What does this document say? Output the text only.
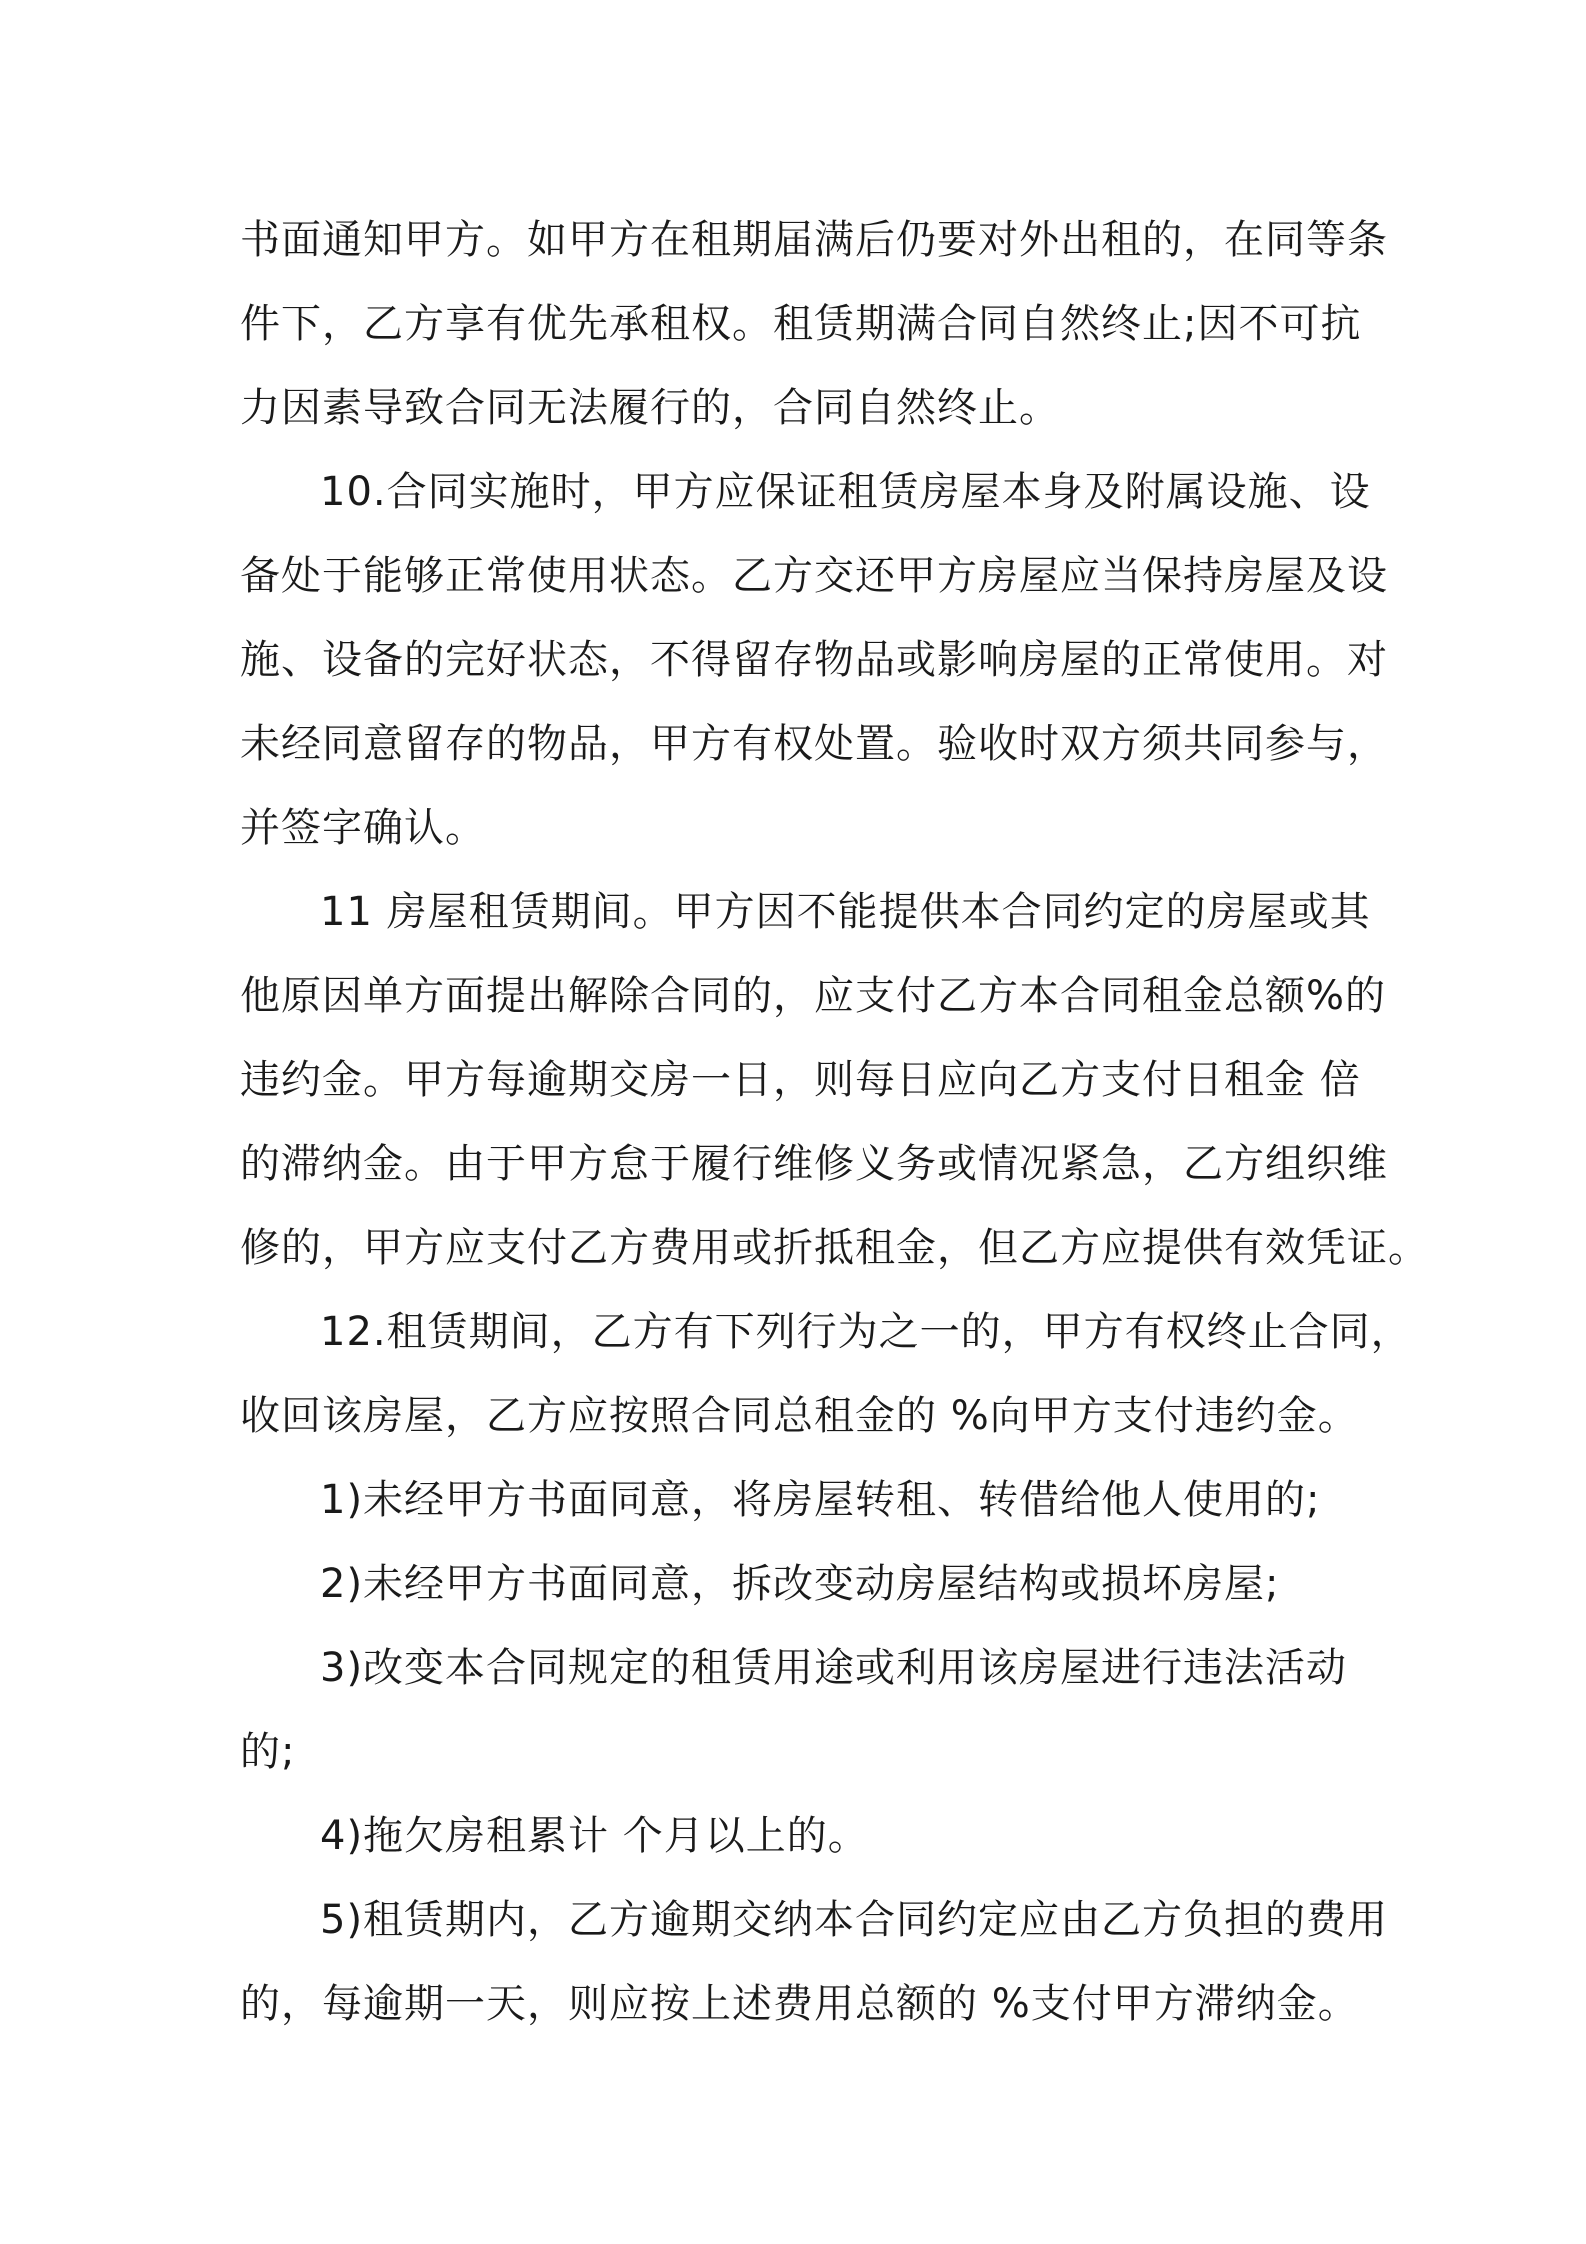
书面通知甲方。如甲方在租期届满后仍要对外出租的，在同等条
件下，乙方享有优先承租权。租赁期满合同自然终止;因不可抗
力因素导致合同无法履行的，合同自然终止。
10.合同实施时，甲方应保证租赁房屋本身及附属设施、设
备处于能够正常使用状态。乙方交还甲方房屋应当保持房屋及设
施、设备的完好状态，不得留存物品或影响房屋的正常使用。对
未经同意留存的物品，甲方有权处置。验收时双方须共同参与，
并签字确认。
11 房屋租赁期间。甲方因不能提供本合同约定的房屋或其
他原因单方面提出解除合同的，应支付乙方本合同租金总额%的
违约金。甲方每逾期交房一日，则每日应向乙方支付日租金 倍
的滞纳金。由于甲方怠于履行维修义务或情况紧急，乙方组织维
修的，甲方应支付乙方费用或折抵租金，但乙方应提供有效凭证。
12.租赁期间，乙方有下列行为之一的，甲方有权终止合同，
收回该房屋，乙方应按照合同总租金的 %向甲方支付违约金。
1)未经甲方书面同意，将房屋转租、转借给他人使用的;
2)未经甲方书面同意，拆改变动房屋结构或损坏房屋;
3)改变本合同规定的租赁用途或利用该房屋进行违法活动
的;
4)拖欠房租累计 个月以上的。
5)租赁期内，乙方逾期交纳本合同约定应由乙方负担的费用
的，每逾期一天，则应按上述费用总额的 %支付甲方滞纳金。
